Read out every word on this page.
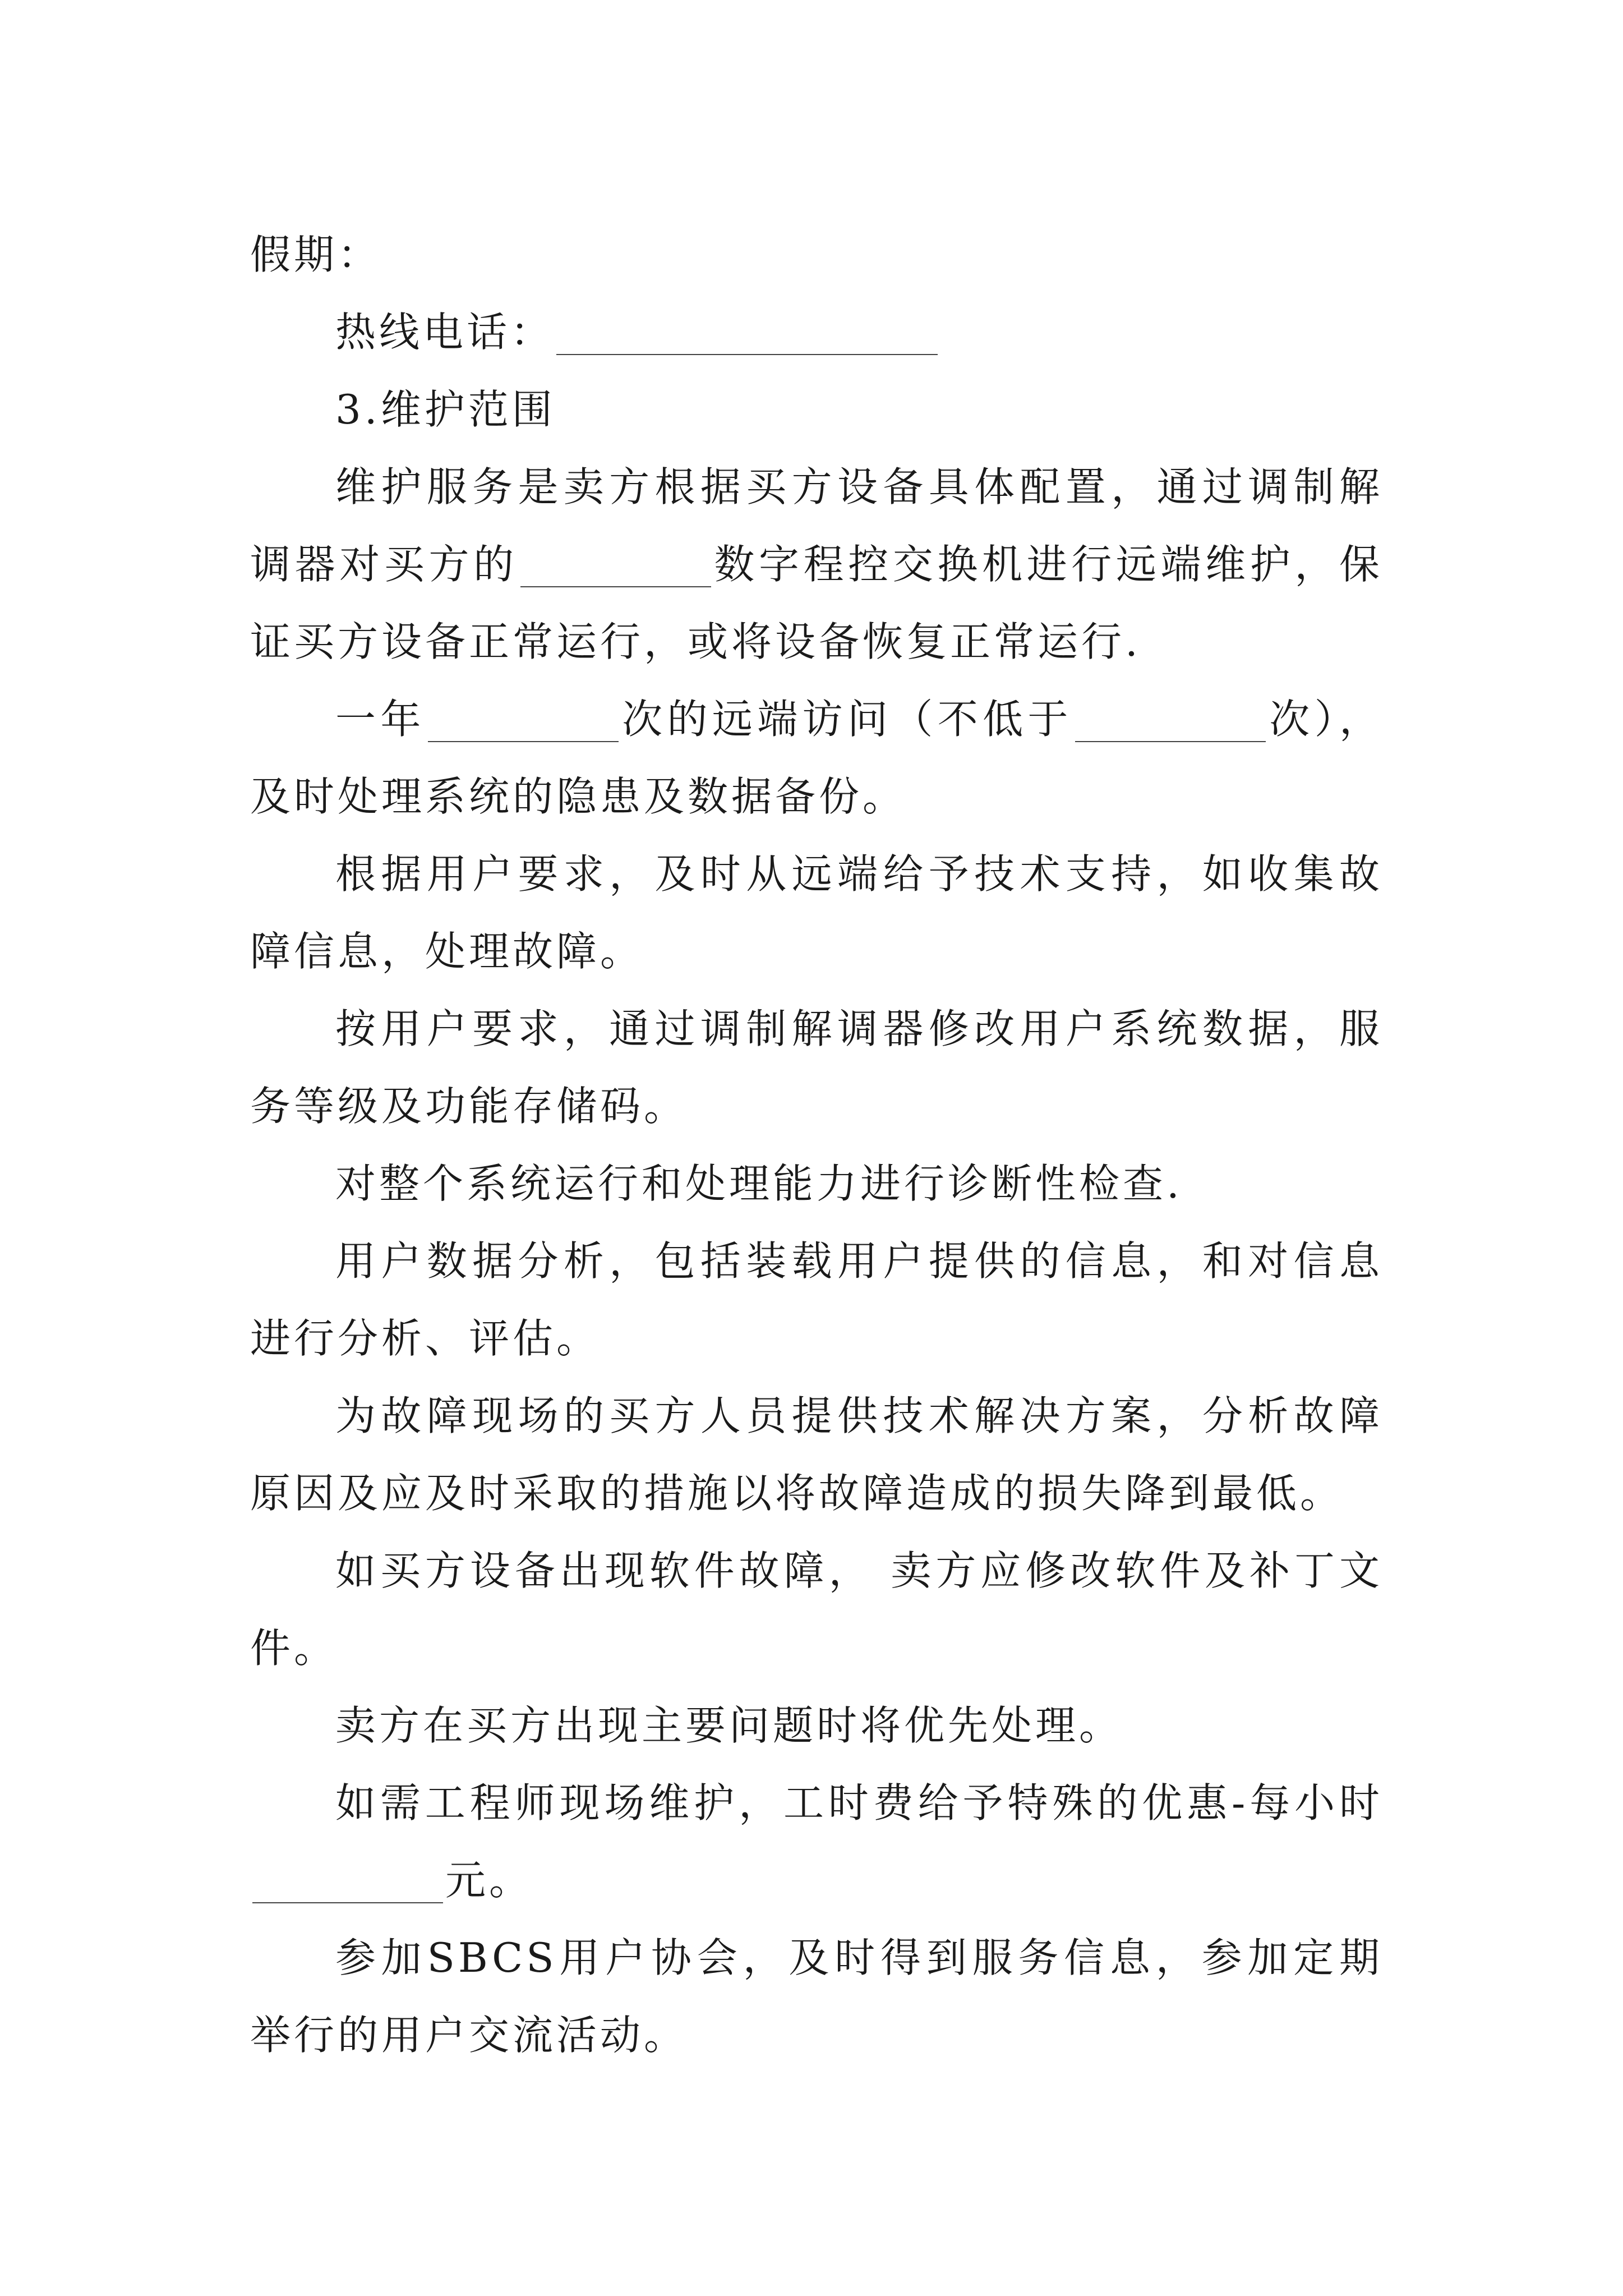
假期：

热线电话：

3.维护范围

维护服务是卖方根据买方设备具体配置，通过调制解调器对买方的	数字程控交换机进行远端维护，保证买方设备正常运行，或将设备恢复正常运行.

一年	次的远端访问（不低于	次），及时处理系统的隐患及数据备份。

根据用户要求，及时从远端给予技术支持，如收集故障信息，处理故障。

按用户要求，通过调制解调器修改用户系统数据，服务等级及功能存储码。

对整个系统运行和处理能力进行诊断性检查.

用户数据分析，包括装载用户提供的信息，和对信息进行分析、评估。

为故障现场的买方人员提供技术解决方案，分析故障原因及应及时采取的措施以将故障造成的损失降到最低。

如买方设备出现软件故障， 卖方应修改软件及补丁文件。

卖方在买方出现主要问题时将优先处理。

如需工程师现场维护，工时费给予特殊的优惠-每小时元。

参加SBCS用户协会，及时得到服务信息，参加定期举行的用户交流活动。
